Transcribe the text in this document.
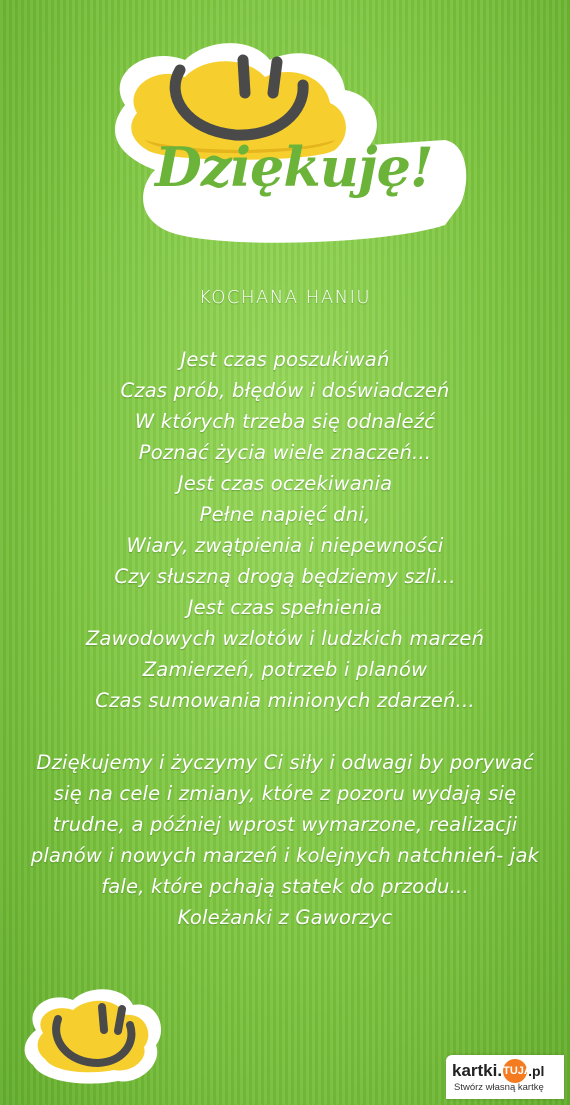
Dziękuję!
KOCHANA HANIU
Jest czas poszukiwań
Czas prób, błędów i doświadczeń
W których trzeba się odnaleźć
Poznać życia wiele znaczeń...
Jest czas oczekiwania
Pełne napięć dni,
Wiary, zwątpienia i niepewności
Czy słuszną drogą będziemy szli...
Jest czas spełnienia
Zawodowych wzlotów i ludzkich marzeń
Zamierzeń, potrzeb i planów
Czas sumowania minionych zdarzeń...
Dziękujemy i życzymy Ci siły i odwagi by porywać się na cele i zmiany, które z pozoru wydają się trudne, a później wprost wymarzone, realizacji planów i nowych marzeń i kolejnych natchnień- jak fale, które pchają statek do przodu...
Koleżanki z Gaworzyc
kartki. TUJA
.pl
Stwórz własną kartkę
